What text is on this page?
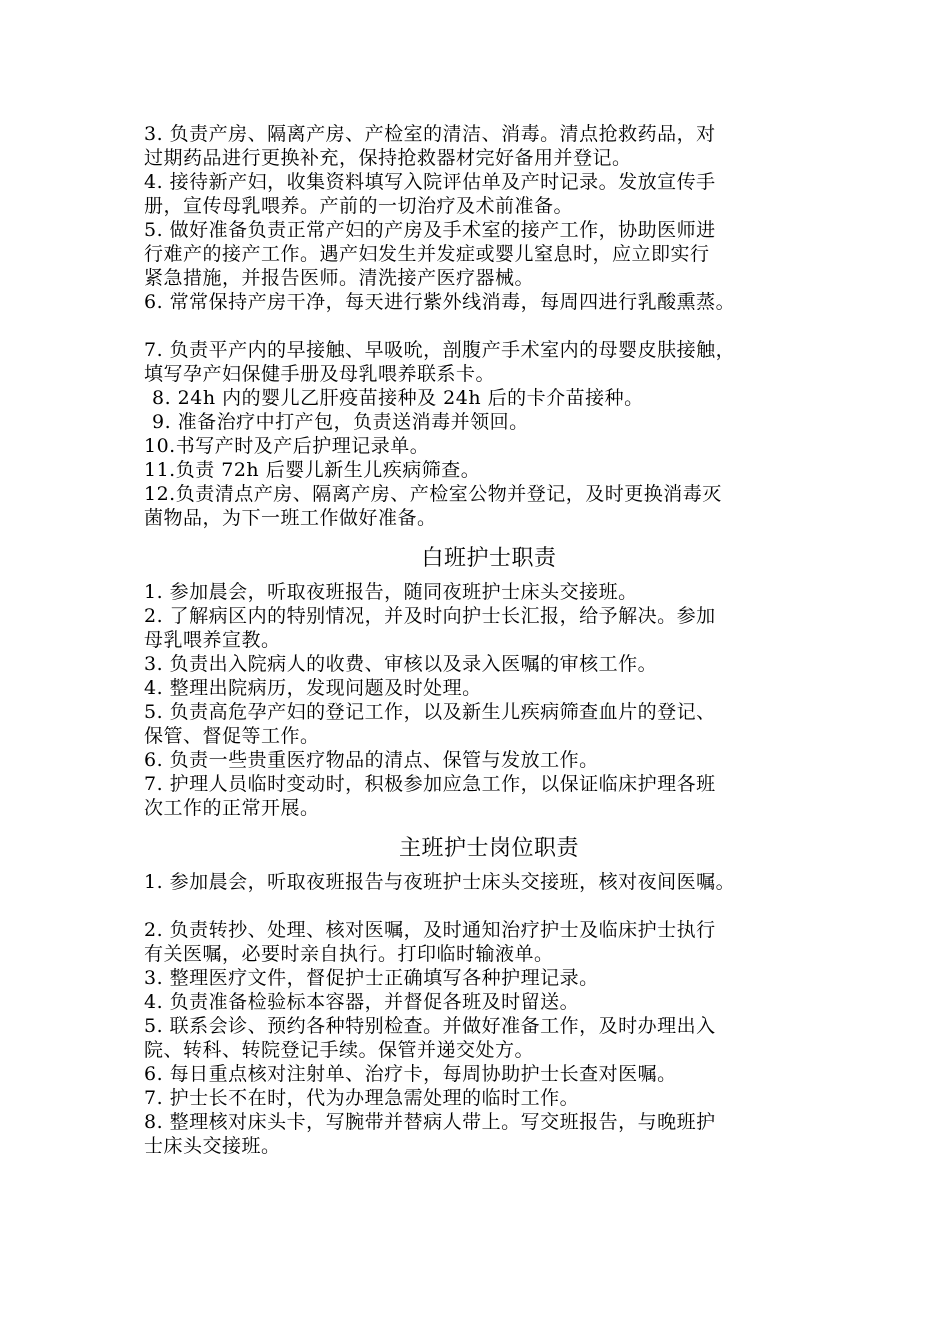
3. 负责产房、隔离产房、产检室的清洁、消毒。清点抢救药品，对
过期药品进行更换补充，保持抢救器材完好备用并登记。

4. 接待新产妇，收集资料填写入院评估单及产时记录。发放宣传手
册，宣传母乳喂养。产前的一切治疗及术前准备。

5. 做好准备负责正常产妇的产房及手术室的接产工作，协助医师进
行难产的接产工作。遇产妇发生并发症或婴儿窒息时，应立即实行
紧急措施，并报告医师。清洗接产医疗器械。

6. 常常保持产房干净，每天进行紫外线消毒，每周四进行乳酸熏蒸。

7. 负责平产内的早接触、早吸吮，剖腹产手术室内的母婴皮肤接触，
填写孕产妇保健手册及母乳喂养联系卡。

8. 24h 内的婴儿乙肝疫苗接种及 24h 后的卡介苗接种。

9. 准备治疗中打产包，负责送消毒并领回。

10.书写产时及产后护理记录单。

11.负责 72h 后婴儿新生儿疾病筛查。

12.负责清点产房、隔离产房、产检室公物并登记，及时更换消毒灭
菌物品，为下一班工作做好准备。

白班护士职责

1. 参加晨会，听取夜班报告，随同夜班护士床头交接班。

2. 了解病区内的特别情况，并及时向护士长汇报，给予解决。参加
母乳喂养宣教。

3. 负责出入院病人的收费、审核以及录入医嘱的审核工作。

4. 整理出院病历，发现问题及时处理。

5. 负责高危孕产妇的登记工作，以及新生儿疾病筛查血片的登记、
保管、督促等工作。

6. 负责一些贵重医疗物品的清点、保管与发放工作。

7. 护理人员临时变动时，积极参加应急工作，以保证临床护理各班
次工作的正常开展。

主班护士岗位职责

1. 参加晨会，听取夜班报告与夜班护士床头交接班，核对夜间医嘱。

2. 负责转抄、处理、核对医嘱，及时通知治疗护士及临床护士执行
有关医嘱，必要时亲自执行。打印临时输液单。

3. 整理医疗文件，督促护士正确填写各种护理记录。

4. 负责准备检验标本容器，并督促各班及时留送。

5. 联系会诊、预约各种特别检查。并做好准备工作，及时办理出入
院、转科、转院登记手续。保管并递交处方。

6. 每日重点核对注射单、治疗卡，每周协助护士长查对医嘱。

7. 护士长不在时，代为办理急需处理的临时工作。

8. 整理核对床头卡，写腕带并替病人带上。写交班报告，与晚班护
士床头交接班。
